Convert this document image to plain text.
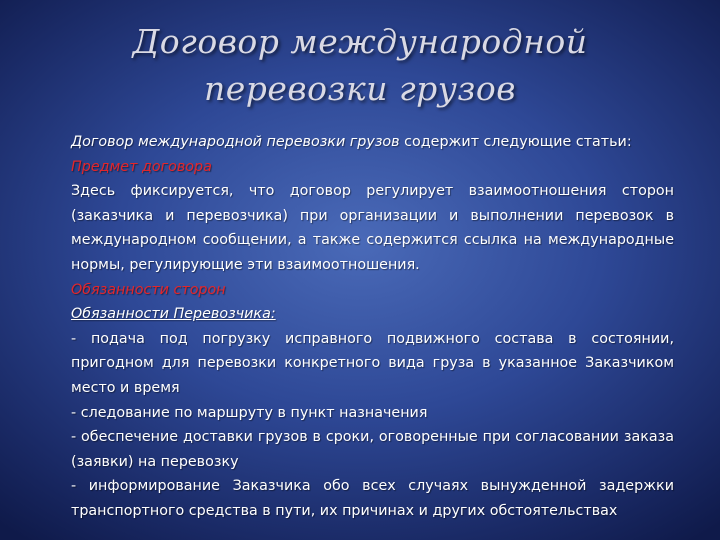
Договор международной
перевозки грузов

Договор международной перевозки грузов содержит следующие статьи:

Предмет договора

Здесь фиксируется, что договор регулирует взаимоотношения сторон (заказчика и перевозчика) при организации и выполнении перевозок в международном сообщении, а также содержится ссылка на международные нормы, регулирующие эти взаимоотношения.

Обязанности сторон

Обязанности Перевозчика:

- подача под погрузку исправного подвижного состава в состоянии, пригодном для перевозки конкретного вида груза в указанное Заказчиком место и время

- следование по маршруту в пункт назначения

- обеспечение доставки грузов в сроки, оговоренные при согласовании заказа (заявки) на перевозку

- информирование Заказчика обо всех случаях вынужденной задержки транспортного средства в пути, их причинах и других обстоятельствах
